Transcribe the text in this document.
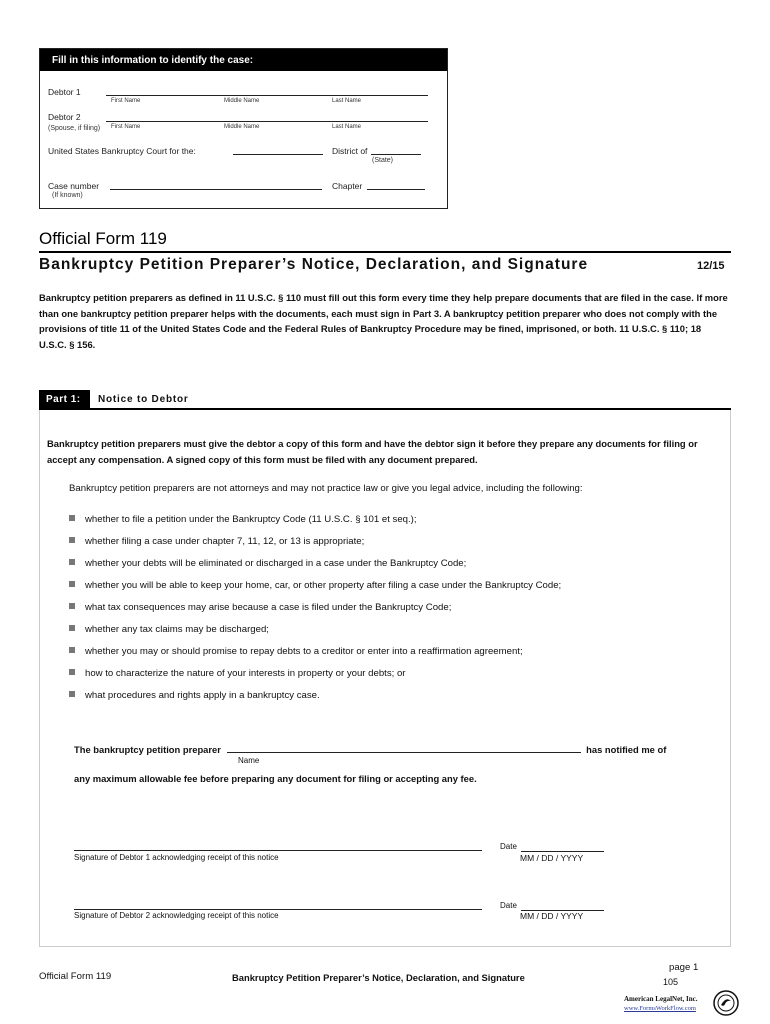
Fill in this information to identify the case:
Debtor 1
First Name	Middle Name	Last Name
Debtor 2
(Spouse, if filing) First Name	Middle Name	Last Name
United States Bankruptcy Court for the:	District of
(State)
Case number
(If known)
Chapter
Official Form 119
Bankruptcy Petition Preparer’s Notice, Declaration, and Signature	12/15
Bankruptcy petition preparers as defined in 11 U.S.C. § 110 must fill out this form every time they help prepare documents that are filed in the case. If more than one bankruptcy petition preparer helps with the documents, each must sign in Part 3. A bankruptcy petition preparer who does not comply with the provisions of title 11 of the United States Code and the Federal Rules of Bankruptcy Procedure may be fined, imprisoned, or both. 11 U.S.C. § 110; 18 U.S.C. § 156.
Part 1:	Notice to Debtor
Bankruptcy petition preparers must give the debtor a copy of this form and have the debtor sign it before they prepare any documents for filing or accept any compensation. A signed copy of this form must be filed with any document prepared.
Bankruptcy petition preparers are not attorneys and may not practice law or give you legal advice, including the following:
whether to file a petition under the Bankruptcy Code (11 U.S.C. § 101 et seq.);
whether filing a case under chapter 7, 11, 12, or 13 is appropriate;
whether your debts will be eliminated or discharged in a case under the Bankruptcy Code;
whether you will be able to keep your home, car, or other property after filing a case under the Bankruptcy Code;
what tax consequences may arise because a case is filed under the Bankruptcy Code;
whether any tax claims may be discharged;
whether you may or should promise to repay debts to a creditor or enter into a reaffirmation agreement;
how to characterize the nature of your interests in property or your debts; or
what procedures and rights apply in a bankruptcy case.
The bankruptcy petition preparer	has notified me of
Name
any maximum allowable fee before preparing any document for filing or accepting any fee.
Signature of Debtor 1 acknowledging receipt of this notice
Date
MM / DD / YYYY
Signature of Debtor 2 acknowledging receipt of this notice
Date
MM / DD / YYYY
Official Form 119	Bankruptcy Petition Preparer’s Notice, Declaration, and Signature
page 1
105
American LegalNet, Inc.
www.FormsWorkFlow.com
